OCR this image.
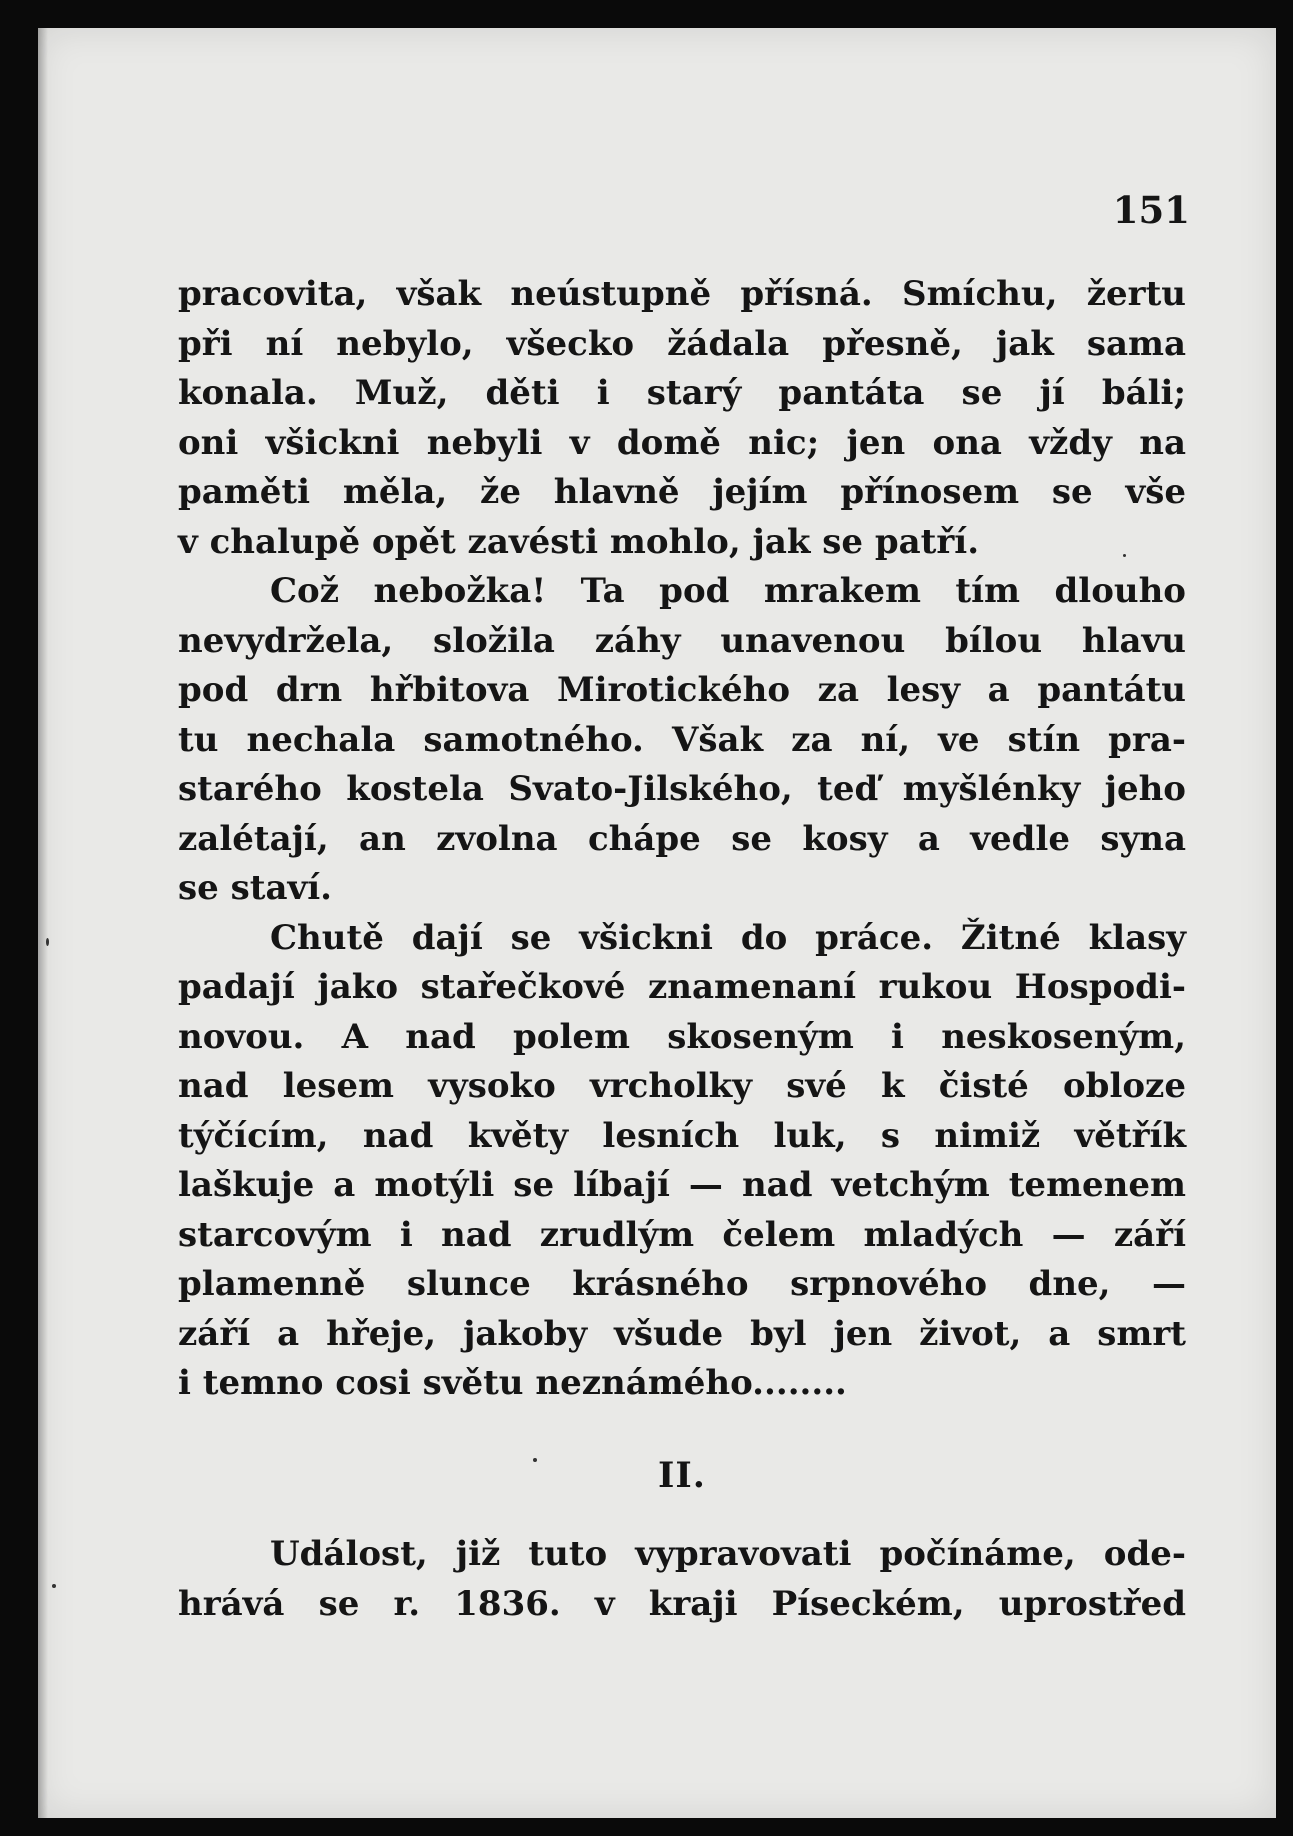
151
pracovita, však neústupně přísná. Smíchu, žertu
při ní nebylo, všecko žádala přesně, jak sama
konala. Muž, děti i starý pantáta se jí báli;
oni všickni nebyli v domě nic; jen ona vždy na
paměti měla, že hlavně jejím přínosem se vše
v chalupě opět zavésti mohlo, jak se patří.
Což nebožka! Ta pod mrakem tím dlouho
nevydržela, složila záhy unavenou bílou hlavu
pod drn hřbitova Mirotického za lesy a pantátu
tu nechala samotného. Však za ní, ve stín pra-
starého kostela Svato-Jilského, teď myšlénky jeho
zalétají, an zvolna chápe se kosy a vedle syna
se staví.
Chutě dají se všickni do práce. Žitné klasy
padají jako stařečkové znamenaní rukou Hospodi-
novou. A nad polem skoseným i neskoseným,
nad lesem vysoko vrcholky své k čisté obloze
týčícím, nad květy lesních luk, s nimiž větřík
laškuje a motýli se líbají — nad vetchým temenem
starcovým i nad zrudlým čelem mladých — září
plamenně slunce krásného srpnového dne, —
září a hřeje, jakoby všude byl jen život, a smrt
i temno cosi světu neznámého........
II.
Událost, již tuto vypravovati počínáme, ode-
hrává se r. 1836. v kraji Píseckém, uprostřed
